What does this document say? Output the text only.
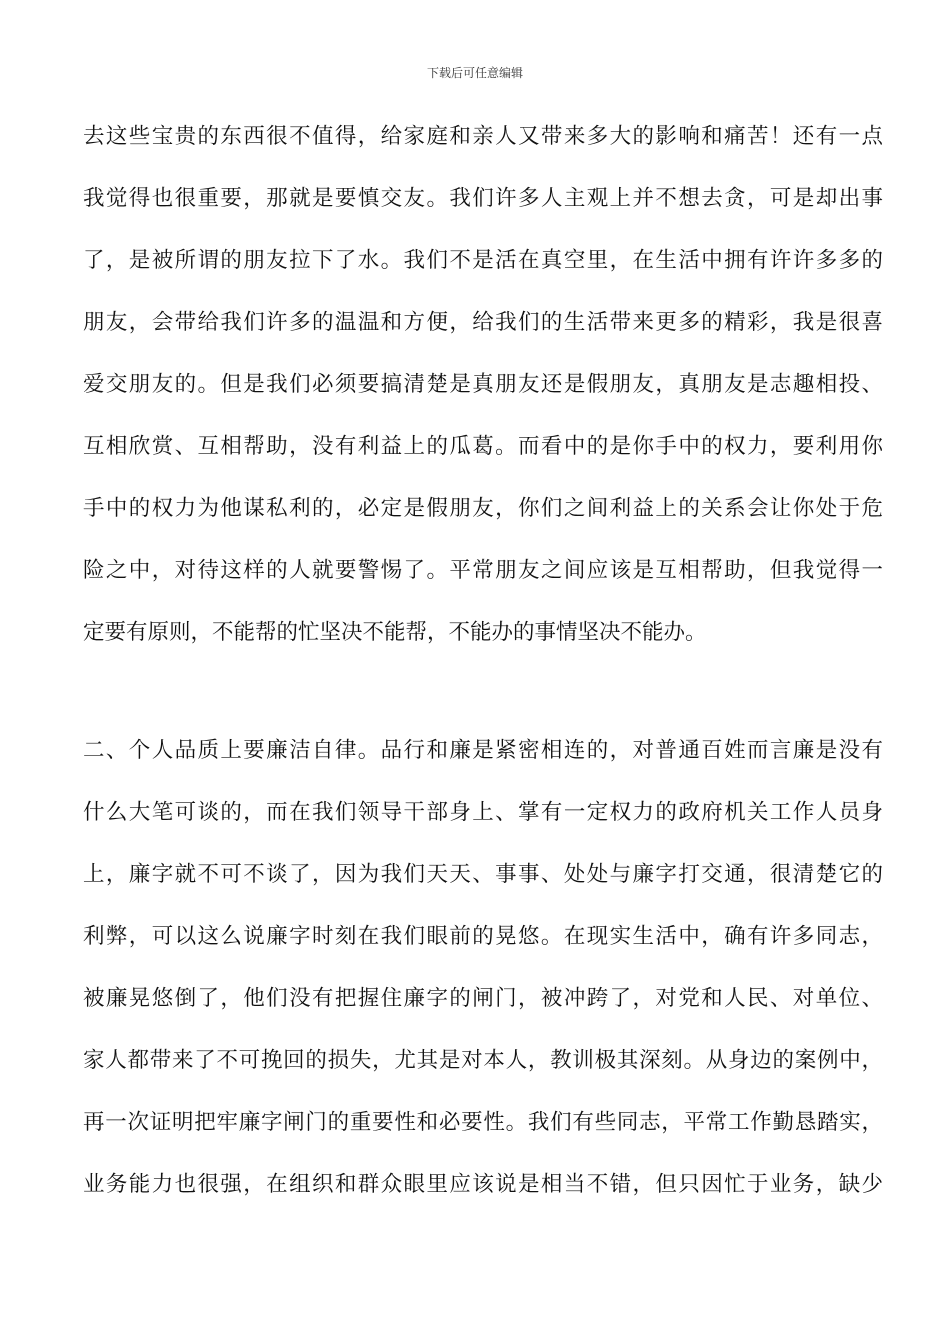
下载后可任意编辑
去这些宝贵的东西很不值得，给家庭和亲人又带来多大的影响和痛苦！还有一点
我觉得也很重要，那就是要慎交友。我们许多人主观上并不想去贪，可是却出事
了，是被所谓的朋友拉下了水。我们不是活在真空里，在生活中拥有许许多多的
朋友，会带给我们许多的温温和方便，给我们的生活带来更多的精彩，我是很喜
爱交朋友的。但是我们必须要搞清楚是真朋友还是假朋友，真朋友是志趣相投、
互相欣赏、互相帮助，没有利益上的瓜葛。而看中的是你手中的权力，要利用你
手中的权力为他谋私利的，必定是假朋友，你们之间利益上的关系会让你处于危
险之中，对待这样的人就要警惕了。平常朋友之间应该是互相帮助，但我觉得一
定要有原则，不能帮的忙坚决不能帮，不能办的事情坚决不能办。
二、个人品质上要廉洁自律。品行和廉是紧密相连的，对普通百姓而言廉是没有
什么大笔可谈的，而在我们领导干部身上、掌有一定权力的政府机关工作人员身
上，廉字就不可不谈了，因为我们天天、事事、处处与廉字打交通，很清楚它的
利弊，可以这么说廉字时刻在我们眼前的晃悠。在现实生活中，确有许多同志，
被廉晃悠倒了，他们没有把握住廉字的闸门，被冲跨了，对党和人民、对单位、
家人都带来了不可挽回的损失，尤其是对本人，教训极其深刻。从身边的案例中，
再一次证明把牢廉字闸门的重要性和必要性。我们有些同志，平常工作勤恳踏实，
业务能力也很强，在组织和群众眼里应该说是相当不错，但只因忙于业务，缺少
